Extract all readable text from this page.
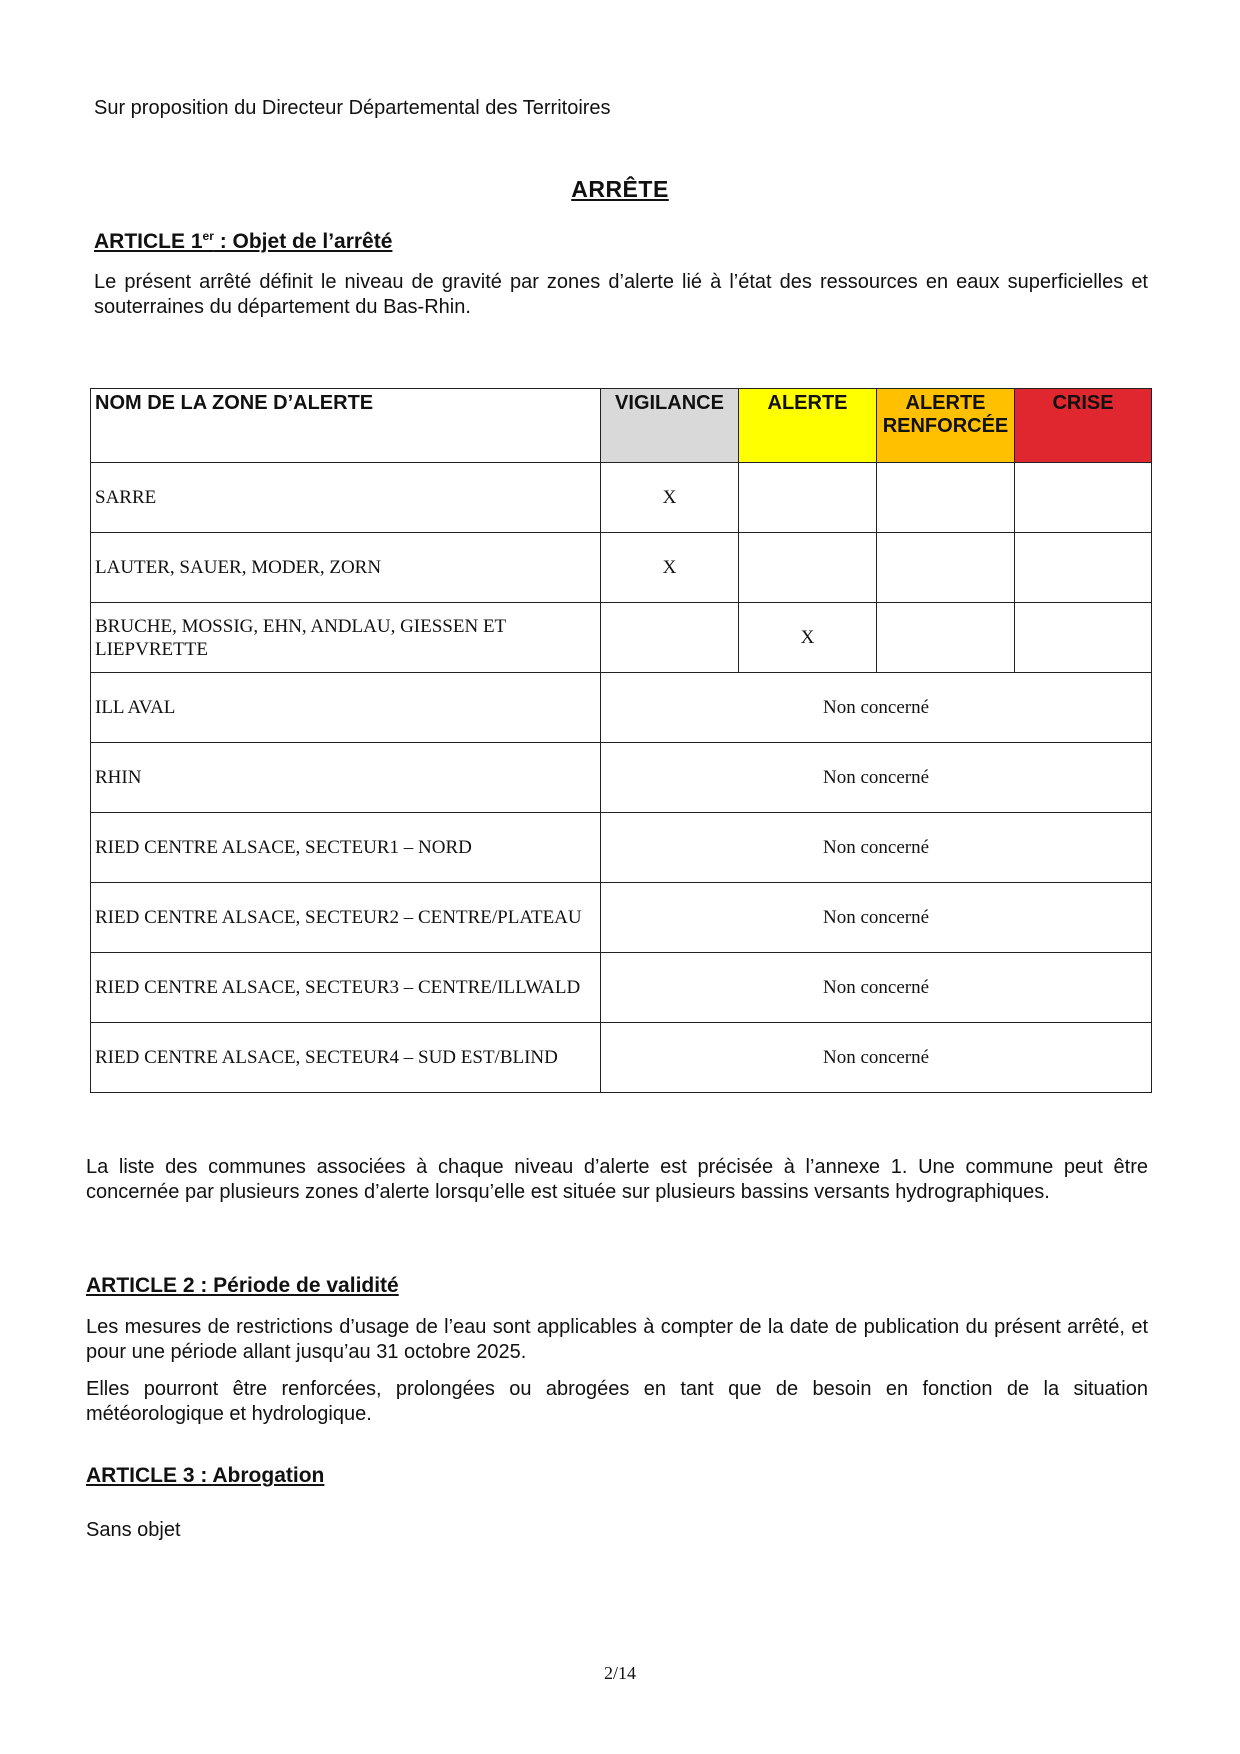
Sur proposition du Directeur Départemental des Territoires
ARRÊTE
ARTICLE 1er : Objet de l’arrêté
Le présent arrêté définit le niveau de gravité par zones d’alerte lié à l’état des ressources en eaux superficielles et souterraines du département du Bas-Rhin.
NOM DE LA ZONE D’ALERTE	VIGILANCE	ALERTE	ALERTE RENFORCÉE	CRISE
SARRE	X			
LAUTER, SAUER, MODER, ZORN	X			
BRUCHE, MOSSIG, EHN, ANDLAU, GIESSEN ET LIEPVRETTE		X		
ILL AVAL	Non concerné			
RHIN	Non concerné			
RIED CENTRE ALSACE, SECTEUR1 – NORD	Non concerné			
RIED CENTRE ALSACE, SECTEUR2 – CENTRE/PLATEAU	Non concerné			
RIED CENTRE ALSACE, SECTEUR3 – CENTRE/ILLWALD	Non concerné			
RIED CENTRE ALSACE, SECTEUR4 – SUD EST/BLIND	Non concerné			
La liste des communes associées à chaque niveau d’alerte est précisée à l’annexe 1. Une commune peut être concernée par plusieurs zones d’alerte lorsqu’elle est située sur plusieurs bassins versants hydrographiques.
ARTICLE 2 : Période de validité
Les mesures de restrictions d’usage de l’eau sont applicables à compter de la date de publication du présent arrêté, et pour une période allant jusqu’au 31 octobre 2025.
Elles pourront être renforcées, prolongées ou abrogées en tant que de besoin en fonction de la situation météorologique et hydrologique.
ARTICLE 3 : Abrogation
Sans objet
2/14
